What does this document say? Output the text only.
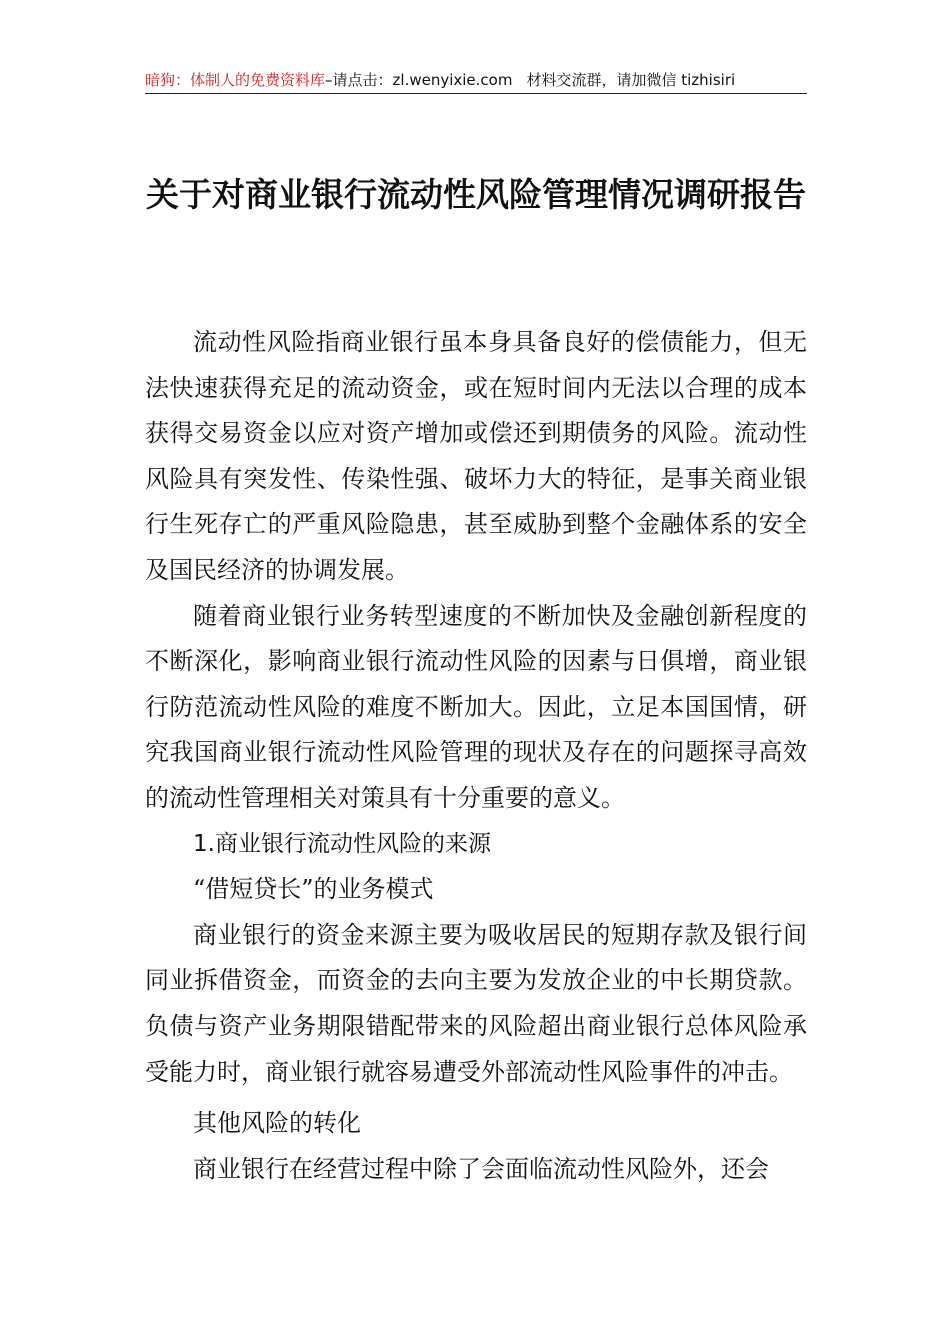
暗狗：体制人的免费资料库–请点击：zl.wenyixie.com 材料交流群，请加微信 tizhisiri
关于对商业银行流动性风险管理情况调研报告

流动性风险指商业银行虽本身具备良好的偿债能力，但无法快速获得充足的流动资金，或在短时间内无法以合理的成本获得交易资金以应对资产增加或偿还到期债务的风险。流动性风险具有突发性、传染性强、破坏力大的特征，是事关商业银行生死存亡的严重风险隐患，甚至威胁到整个金融体系的安全及国民经济的协调发展。

随着商业银行业务转型速度的不断加快及金融创新程度的不断深化，影响商业银行流动性风险的因素与日俱增，商业银行防范流动性风险的难度不断加大。因此，立足本国国情，研究我国商业银行流动性风险管理的现状及存在的问题探寻高效的流动性管理相关对策具有十分重要的意义。

1.商业银行流动性风险的来源

“借短贷长”的业务模式

商业银行的资金来源主要为吸收居民的短期存款及银行间同业拆借资金，而资金的去向主要为发放企业的中长期贷款。负债与资产业务期限错配带来的风险超出商业银行总体风险承受能力时，商业银行就容易遭受外部流动性风险事件的冲击。

其他风险的转化

商业银行在经营过程中除了会面临流动性风险外，还会
